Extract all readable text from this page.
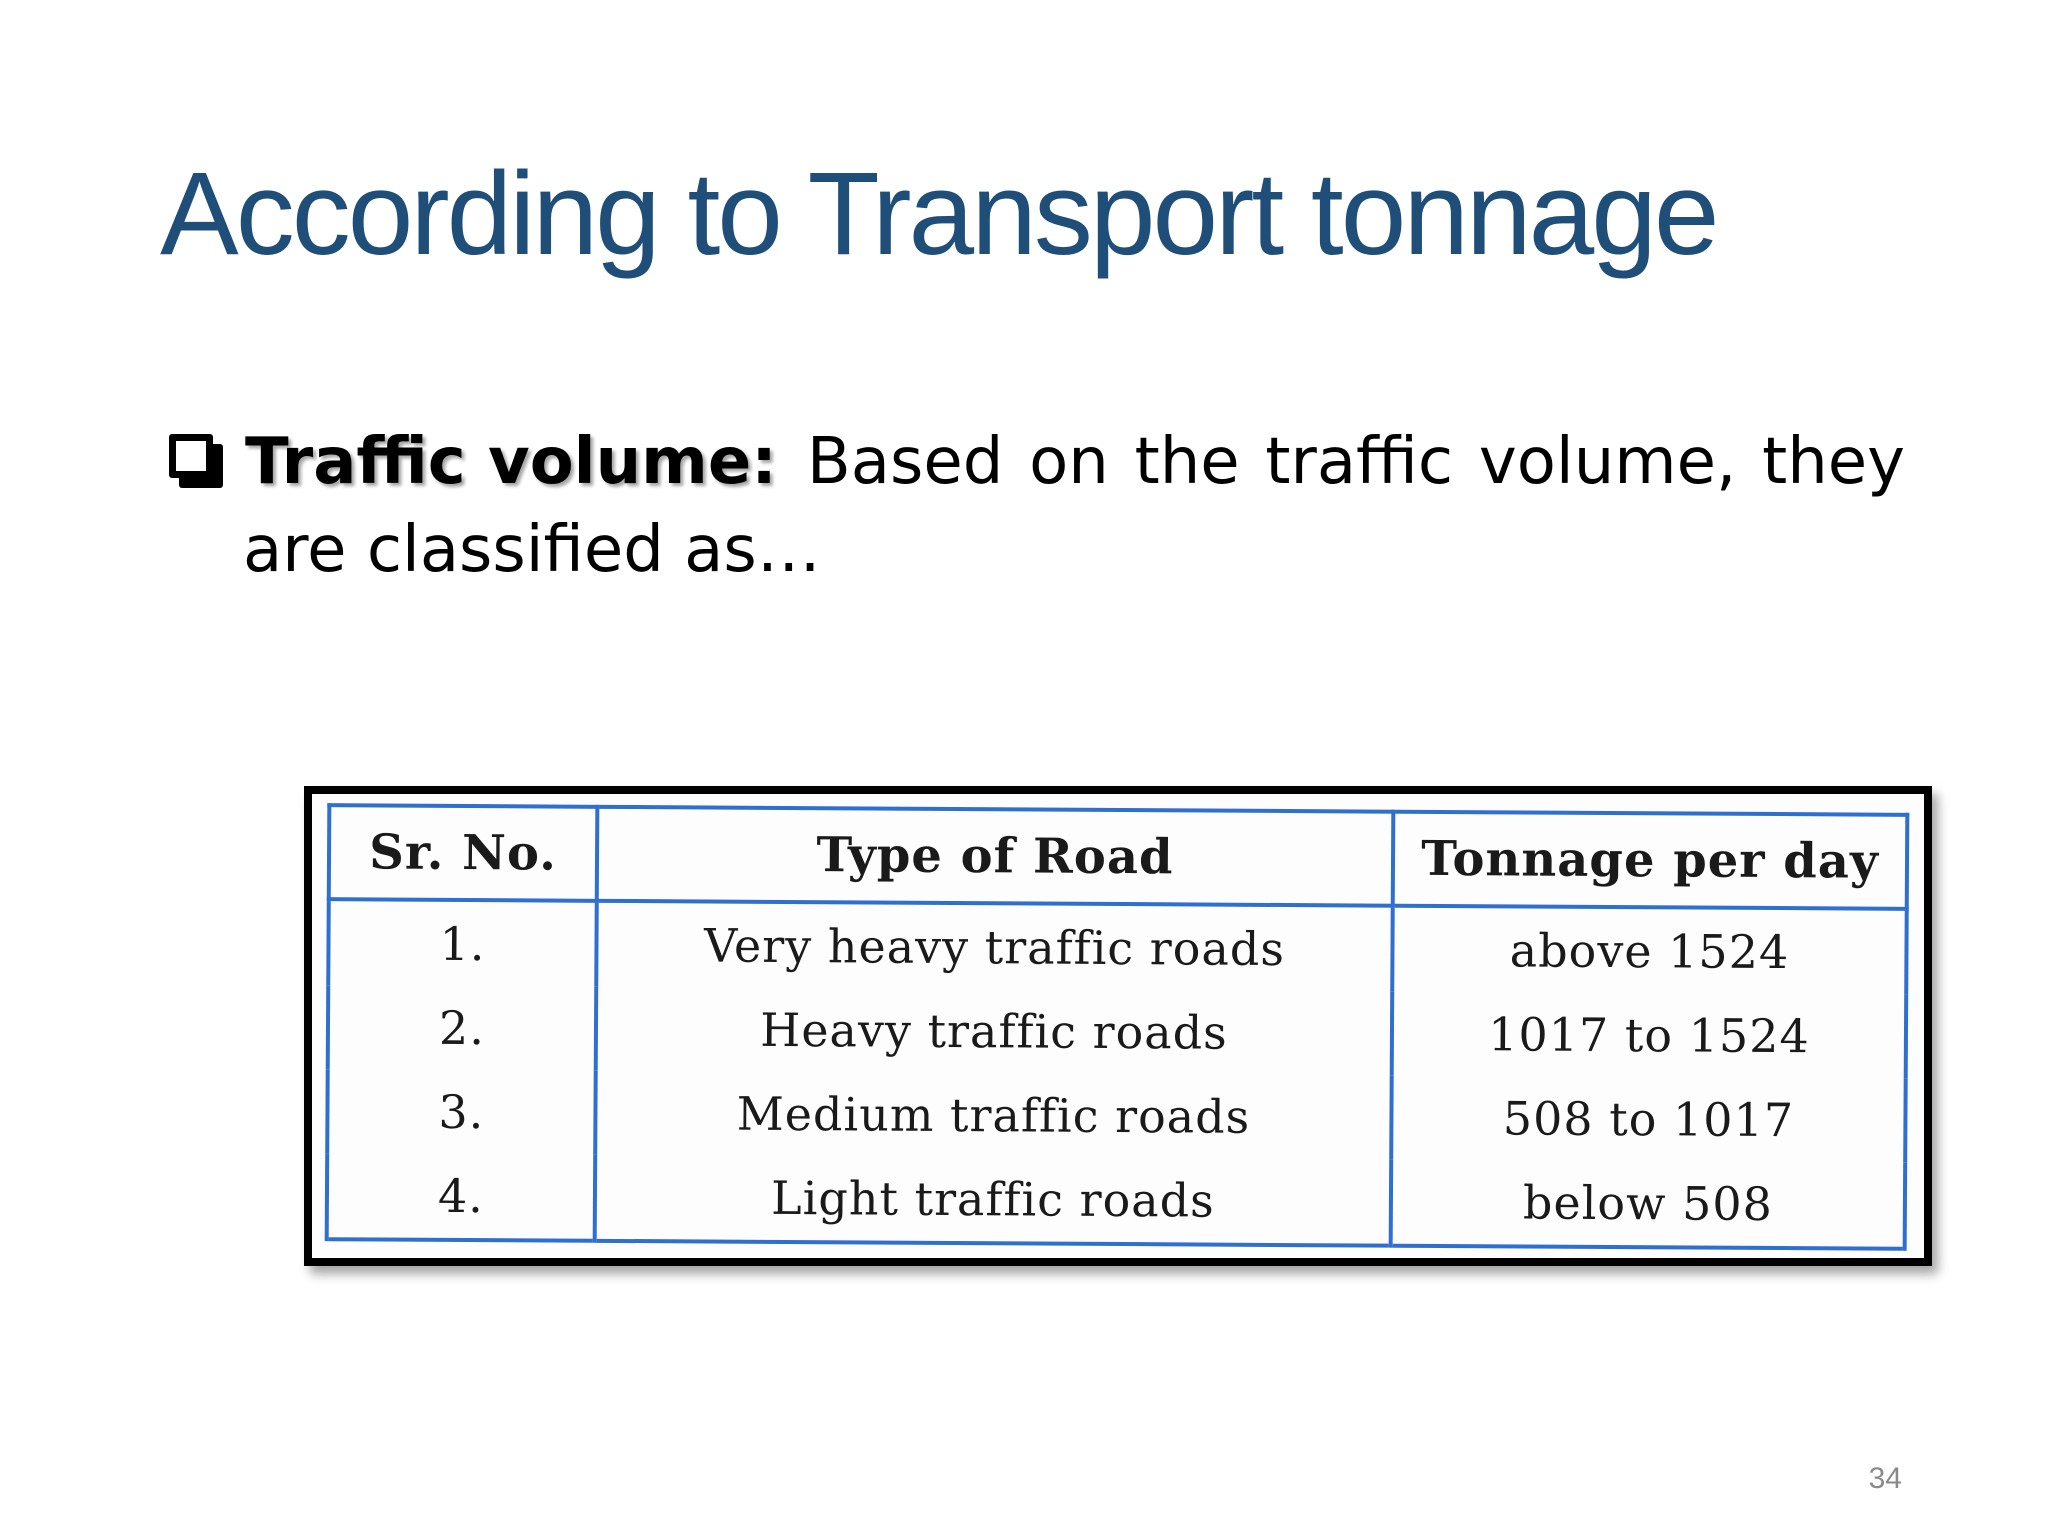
According to Transport tonnage
Traffic volume: Based on the traffic volume, they
are classified as…
Sr. No.	Type of Road	Tonnage per day
1.	Very heavy traffic roads	above 1524
2.	Heavy traffic roads	1017 to 1524
3.	Medium traffic roads	508 to 1017
4.	Light traffic roads	below 508
34
